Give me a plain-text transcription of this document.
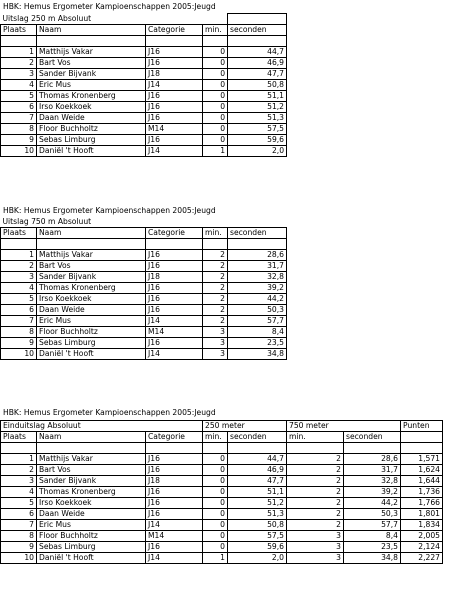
HBK: Hemus Ergometer Kampioenschappen 2005:Jeugd
Uitslag 250 m Absoluut				
Plaats	Naam	Categorie	min.	seconden

1	Matthijs Vakar	J16	0	44,7
2	Bart Vos	J16	0	46,9
3	Sander Bijvank	J18	0	47,7
4	Eric Mus	J14	0	50,8
5	Thomas Kronenberg	J16	0	51,1
6	Irso Koekkoek	J16	0	51,2
7	Daan Weide	J16	0	51,3
8	Floor Buchholtz	M14	0	57,5
9	Sebas Limburg	J16	0	59,6
10	Daniël 't Hooft	J14	1	2,0
HBK: Hemus Ergometer Kampioenschappen 2005:Jeugd
Uitslag 750 m Absoluut				
Plaats	Naam	Categorie	min.	seconden

1	Matthijs Vakar	J16	2	28,6
2	Bart Vos	J16	2	31,7
3	Sander Bijvank	J18	2	32,8
4	Thomas Kronenberg	J16	2	39,2
5	Irso Koekkoek	J16	2	44,2
6	Daan Weide	J16	2	50,3
7	Eric Mus	J14	2	57,7
8	Floor Buchholtz	M14	3	8,4
9	Sebas Limburg	J16	3	23,5
10	Daniël 't Hooft	J14	3	34,8
HBK: Hemus Ergometer Kampioenschappen 2005:Jeugd
Einduitslag Absoluut			250 meter		750 meter		Punten
Plaats	Naam	Categorie	min.	seconden	min.	seconden	

1	Matthijs Vakar	J16	0	44,7	2	28,6	1,571
2	Bart Vos	J16	0	46,9	2	31,7	1,624
3	Sander Bijvank	J18	0	47,7	2	32,8	1,644
4	Thomas Kronenberg	J16	0	51,1	2	39,2	1,736
5	Irso Koekkoek	J16	0	51,2	2	44,2	1,766
6	Daan Weide	J16	0	51,3	2	50,3	1,801
7	Eric Mus	J14	0	50,8	2	57,7	1,834
8	Floor Buchholtz	M14	0	57,5	3	8,4	2,005
9	Sebas Limburg	J16	0	59,6	3	23,5	2,124
10	Daniël 't Hooft	J14	1	2,0	3	34,8	2,227
